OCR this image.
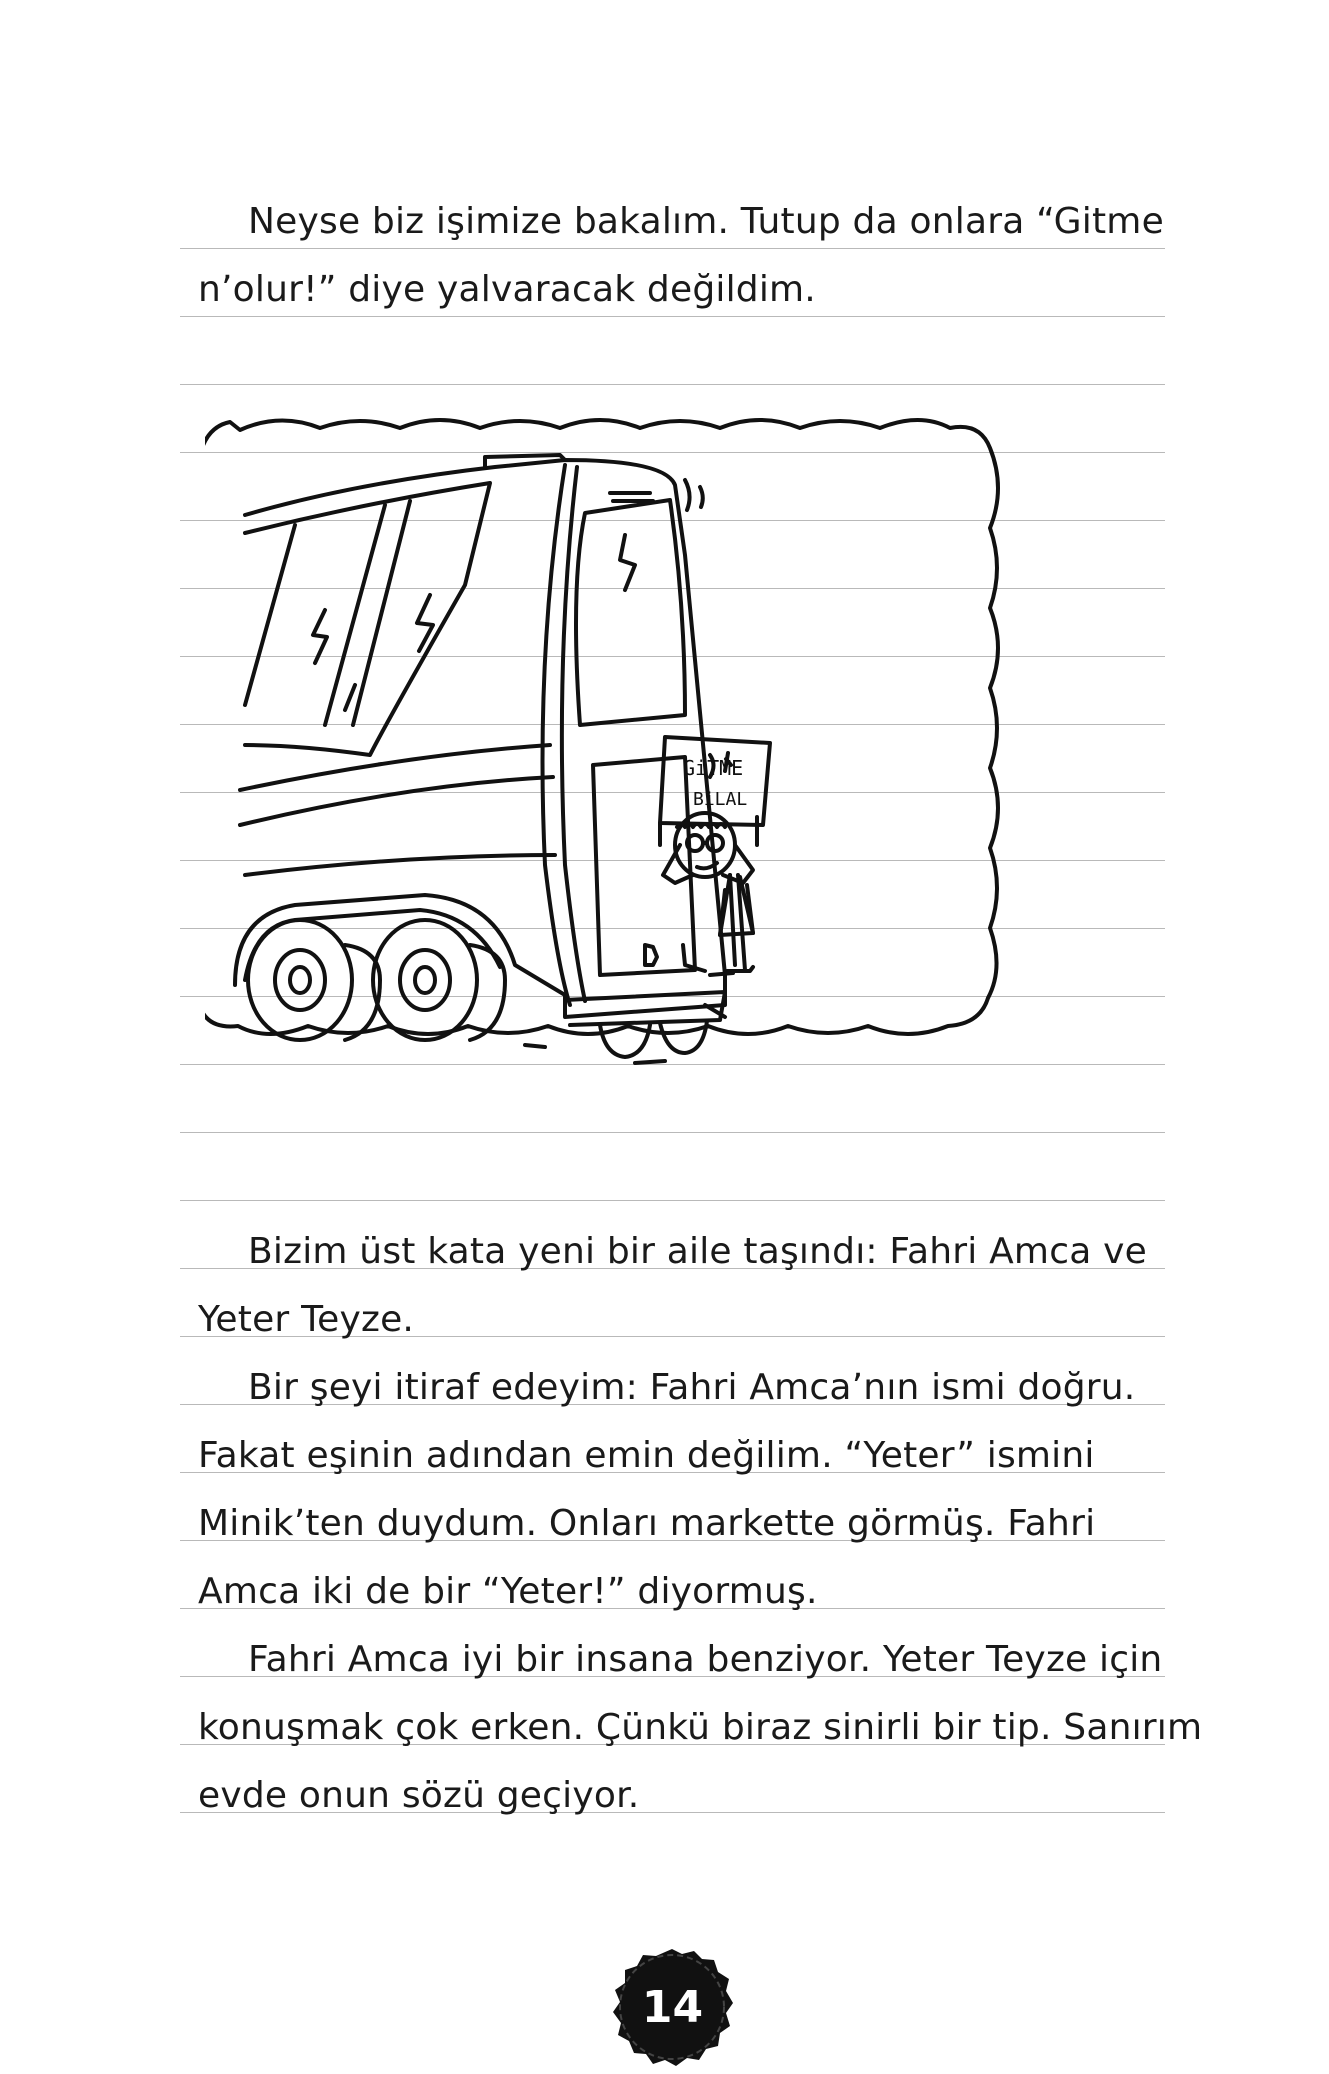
Neyse biz işimize bakalım. Tutup da onlara “Gitme
n’olur!” diye yalvaracak değildim.
GiTME
BiLAL
Bizim üst kata yeni bir aile taşındı: Fahri Amca ve
Yeter Teyze.
Bir şeyi itiraf edeyim: Fahri Amca’nın ismi doğru.
Fakat eşinin adından emin değilim. “Yeter” ismini
Minik’ten duydum. Onları markette görmüş. Fahri
Amca iki de bir “Yeter!” diyormuş.
Fahri Amca iyi bir insana benziyor. Yeter Teyze için
konuşmak çok erken. Çünkü biraz sinirli bir tip. Sanırım
evde onun sözü geçiyor.
14
